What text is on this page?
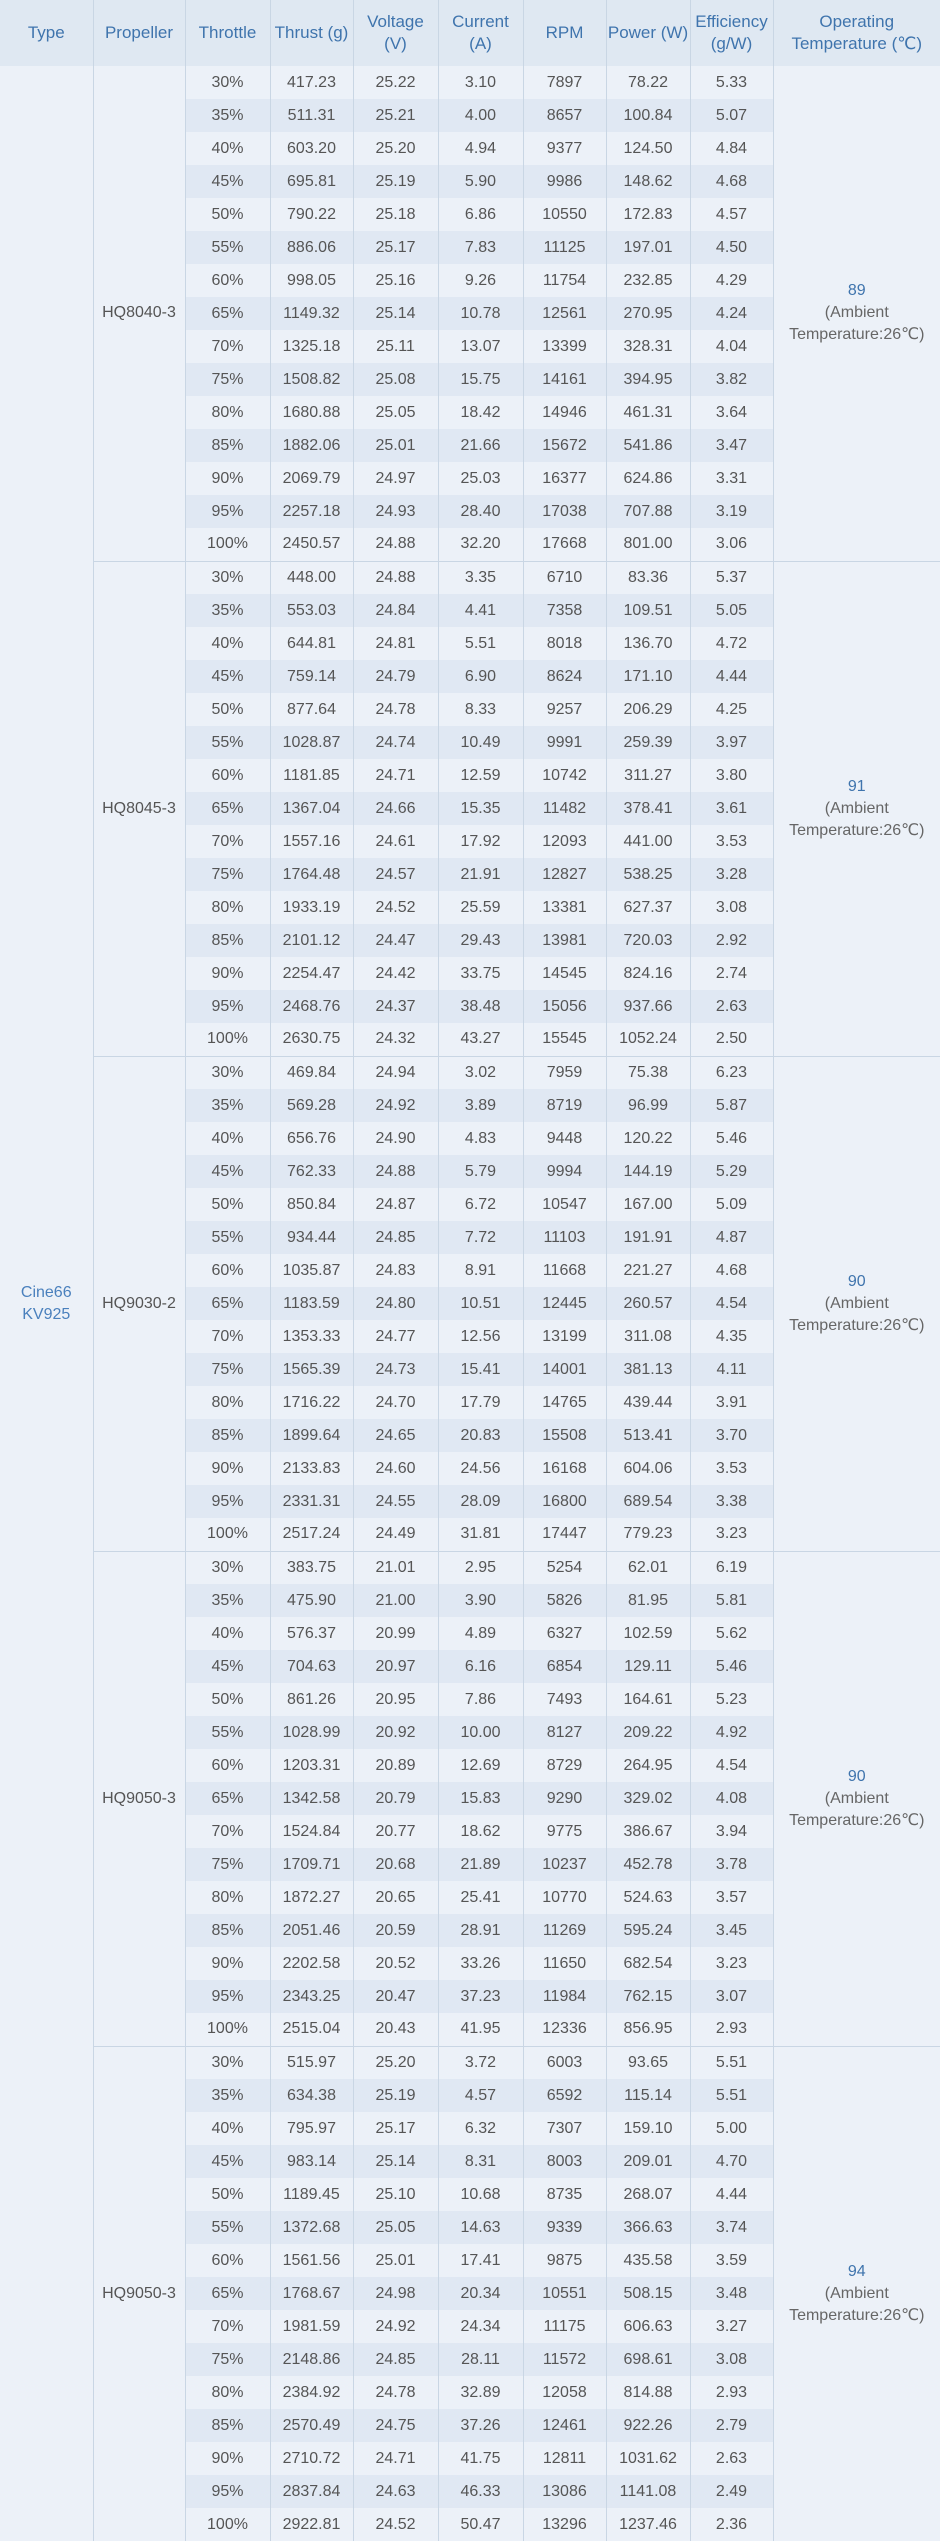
Type	Propeller	Throttle	Thrust (g)	Voltage (V)	Current (A)	RPM	Power (W)	Efficiency (g/W)	Operating Temperature (℃)
Cine66 KV925	HQ8040-3	30%	417.23	25.22	3.10	7897	78.22	5.33	89
(Ambient Temperature:26℃)
		35%	511.31	25.21	4.00	8657	100.84	5.07	
		40%	603.20	25.20	4.94	9377	124.50	4.84	
		45%	695.81	25.19	5.90	9986	148.62	4.68	
		50%	790.22	25.18	6.86	10550	172.83	4.57	
		55%	886.06	25.17	7.83	11125	197.01	4.50	
		60%	998.05	25.16	9.26	11754	232.85	4.29	
		65%	1149.32	25.14	10.78	12561	270.95	4.24	
		70%	1325.18	25.11	13.07	13399	328.31	4.04	
		75%	1508.82	25.08	15.75	14161	394.95	3.82	
		80%	1680.88	25.05	18.42	14946	461.31	3.64	
		85%	1882.06	25.01	21.66	15672	541.86	3.47	
		90%	2069.79	24.97	25.03	16377	624.86	3.31	
		95%	2257.18	24.93	28.40	17038	707.88	3.19	
		100%	2450.57	24.88	32.20	17668	801.00	3.06	
	HQ8045-3	30%	448.00	24.88	3.35	6710	83.36	5.37	91
(Ambient Temperature:26℃)
		35%	553.03	24.84	4.41	7358	109.51	5.05	
		40%	644.81	24.81	5.51	8018	136.70	4.72	
		45%	759.14	24.79	6.90	8624	171.10	4.44	
		50%	877.64	24.78	8.33	9257	206.29	4.25	
		55%	1028.87	24.74	10.49	9991	259.39	3.97	
		60%	1181.85	24.71	12.59	10742	311.27	3.80	
		65%	1367.04	24.66	15.35	11482	378.41	3.61	
		70%	1557.16	24.61	17.92	12093	441.00	3.53	
		75%	1764.48	24.57	21.91	12827	538.25	3.28	
		80%	1933.19	24.52	25.59	13381	627.37	3.08	
		85%	2101.12	24.47	29.43	13981	720.03	2.92	
		90%	2254.47	24.42	33.75	14545	824.16	2.74	
		95%	2468.76	24.37	38.48	15056	937.66	2.63	
		100%	2630.75	24.32	43.27	15545	1052.24	2.50	
	HQ9030-2	30%	469.84	24.94	3.02	7959	75.38	6.23	90
(Ambient Temperature:26℃)
		35%	569.28	24.92	3.89	8719	96.99	5.87	
		40%	656.76	24.90	4.83	9448	120.22	5.46	
		45%	762.33	24.88	5.79	9994	144.19	5.29	
		50%	850.84	24.87	6.72	10547	167.00	5.09	
		55%	934.44	24.85	7.72	11103	191.91	4.87	
		60%	1035.87	24.83	8.91	11668	221.27	4.68	
		65%	1183.59	24.80	10.51	12445	260.57	4.54	
		70%	1353.33	24.77	12.56	13199	311.08	4.35	
		75%	1565.39	24.73	15.41	14001	381.13	4.11	
		80%	1716.22	24.70	17.79	14765	439.44	3.91	
		85%	1899.64	24.65	20.83	15508	513.41	3.70	
		90%	2133.83	24.60	24.56	16168	604.06	3.53	
		95%	2331.31	24.55	28.09	16800	689.54	3.38	
		100%	2517.24	24.49	31.81	17447	779.23	3.23	
	HQ9050-3	30%	383.75	21.01	2.95	5254	62.01	6.19	90
(Ambient Temperature:26℃)
		35%	475.90	21.00	3.90	5826	81.95	5.81	
		40%	576.37	20.99	4.89	6327	102.59	5.62	
		45%	704.63	20.97	6.16	6854	129.11	5.46	
		50%	861.26	20.95	7.86	7493	164.61	5.23	
		55%	1028.99	20.92	10.00	8127	209.22	4.92	
		60%	1203.31	20.89	12.69	8729	264.95	4.54	
		65%	1342.58	20.79	15.83	9290	329.02	4.08	
		70%	1524.84	20.77	18.62	9775	386.67	3.94	
		75%	1709.71	20.68	21.89	10237	452.78	3.78	
		80%	1872.27	20.65	25.41	10770	524.63	3.57	
		85%	2051.46	20.59	28.91	11269	595.24	3.45	
		90%	2202.58	20.52	33.26	11650	682.54	3.23	
		95%	2343.25	20.47	37.23	11984	762.15	3.07	
		100%	2515.04	20.43	41.95	12336	856.95	2.93	
	HQ9050-3	30%	515.97	25.20	3.72	6003	93.65	5.51	94
(Ambient Temperature:26℃)
		35%	634.38	25.19	4.57	6592	115.14	5.51	
		40%	795.97	25.17	6.32	7307	159.10	5.00	
		45%	983.14	25.14	8.31	8003	209.01	4.70	
		50%	1189.45	25.10	10.68	8735	268.07	4.44	
		55%	1372.68	25.05	14.63	9339	366.63	3.74	
		60%	1561.56	25.01	17.41	9875	435.58	3.59	
		65%	1768.67	24.98	20.34	10551	508.15	3.48	
		70%	1981.59	24.92	24.34	11175	606.63	3.27	
		75%	2148.86	24.85	28.11	11572	698.61	3.08	
		80%	2384.92	24.78	32.89	12058	814.88	2.93	
		85%	2570.49	24.75	37.26	12461	922.26	2.79	
		90%	2710.72	24.71	41.75	12811	1031.62	2.63	
		95%	2837.84	24.63	46.33	13086	1141.08	2.49	
		100%	2922.81	24.52	50.47	13296	1237.46	2.36	
